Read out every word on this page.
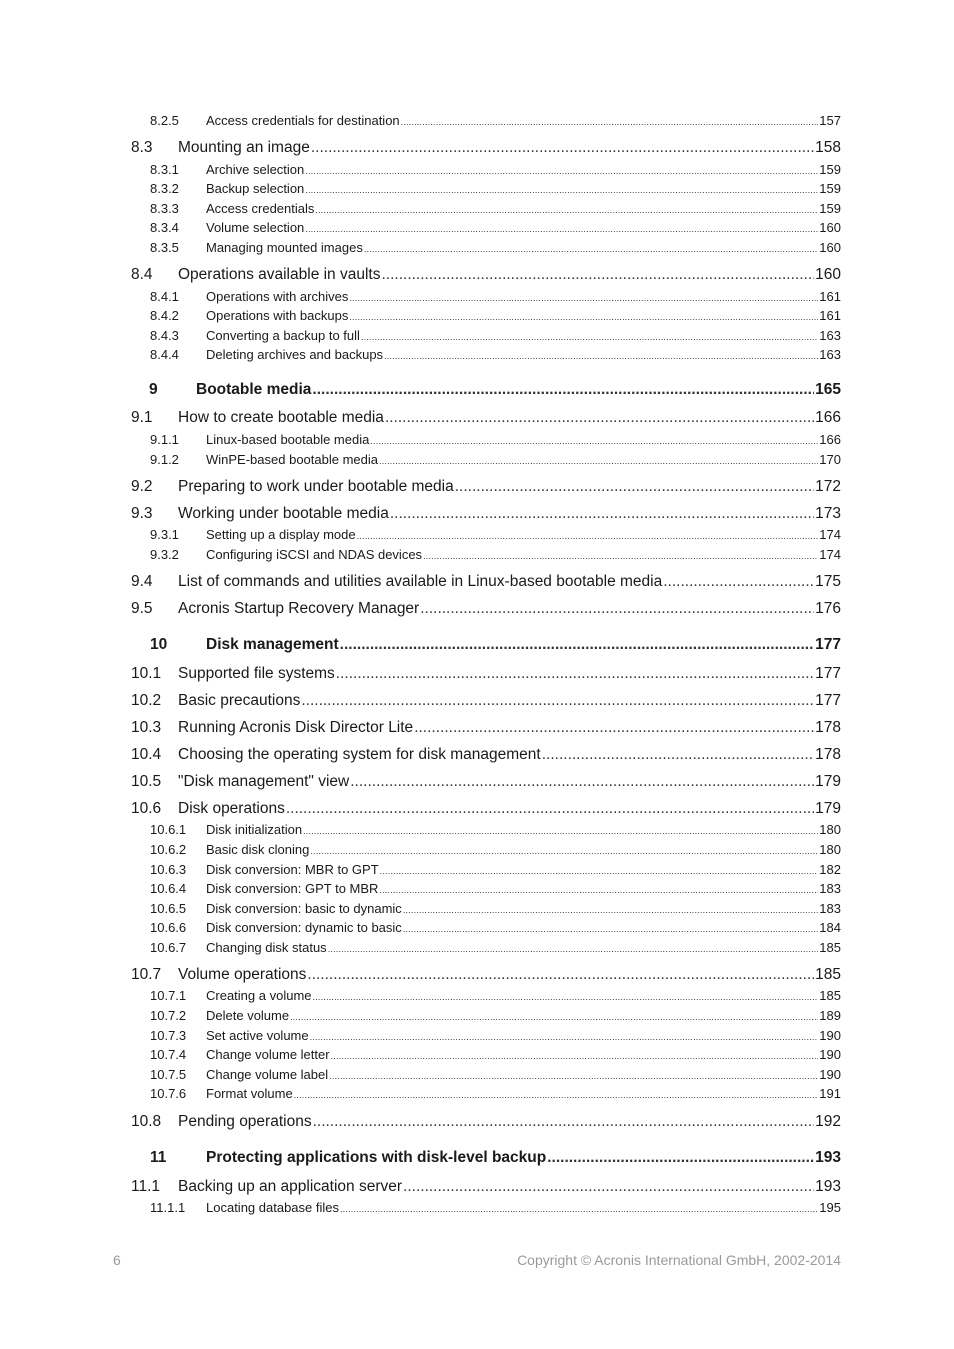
8.2.5	Access credentials for destination .....	157
8.3	Mounting an image .....	158
8.3.1	Archive selection .....	159
8.3.2	Backup selection .....	159
8.3.3	Access credentials .....	159
8.3.4	Volume selection .....	160
8.3.5	Managing mounted images .....	160
8.4	Operations available in vaults .....	160
8.4.1	Operations with archives .....	161
8.4.2	Operations with backups .....	161
8.4.3	Converting a backup to full .....	163
8.4.4	Deleting archives and backups .....	163
9	Bootable media .....	165
9.1	How to create bootable media .....	166
9.1.1	Linux-based bootable media .....	166
9.1.2	WinPE-based bootable media .....	170
9.2	Preparing to work under bootable media .....	172
9.3	Working under bootable media .....	173
9.3.1	Setting up a display mode .....	174
9.3.2	Configuring iSCSI and NDAS devices .....	174
9.4	List of commands and utilities available in Linux-based bootable media .....	175
9.5	Acronis Startup Recovery Manager .....	176
10	Disk management .....	177
10.1	Supported file systems .....	177
10.2	Basic precautions .....	177
10.3	Running Acronis Disk Director Lite .....	178
10.4	Choosing the operating system for disk management .....	178
10.5	"Disk management" view .....	179
10.6	Disk operations .....	179
10.6.1	Disk initialization .....	180
10.6.2	Basic disk cloning .....	180
10.6.3	Disk conversion: MBR to GPT .....	182
10.6.4	Disk conversion: GPT to MBR .....	183
10.6.5	Disk conversion: basic to dynamic .....	183
10.6.6	Disk conversion: dynamic to basic .....	184
10.6.7	Changing disk status .....	185
10.7	Volume operations .....	185
10.7.1	Creating a volume .....	185
10.7.2	Delete volume .....	189
10.7.3	Set active volume .....	190
10.7.4	Change volume letter .....	190
10.7.5	Change volume label .....	190
10.7.6	Format volume .....	191
10.8	Pending operations .....	192
11	Protecting applications with disk-level backup .....	193
11.1	Backing up an application server .....	193
11.1.1	Locating database files .....	195
6	Copyright © Acronis International GmbH, 2002-2014
